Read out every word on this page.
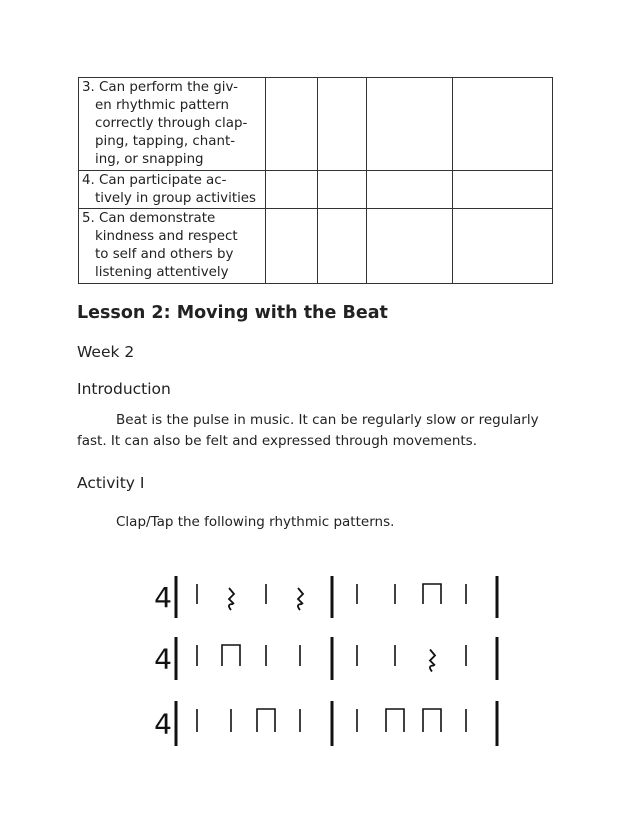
3. Can perform the giv-
en rhythmic pattern
correctly through clap-
ping, tapping, chant-
ing, or snapping				

4. Can participate ac-
tively in group activities				

5. Can demonstrate
kindness and respect
to self and others by
listening attentively				

Lesson 2: Moving with the Beat
Week 2
Introduction
Beat is the pulse in music. It can be regularly slow or regularly
fast. It can also be felt and expressed through movements.
Activity I
Clap/Tap the following rhythmic patterns.
4
4
4
